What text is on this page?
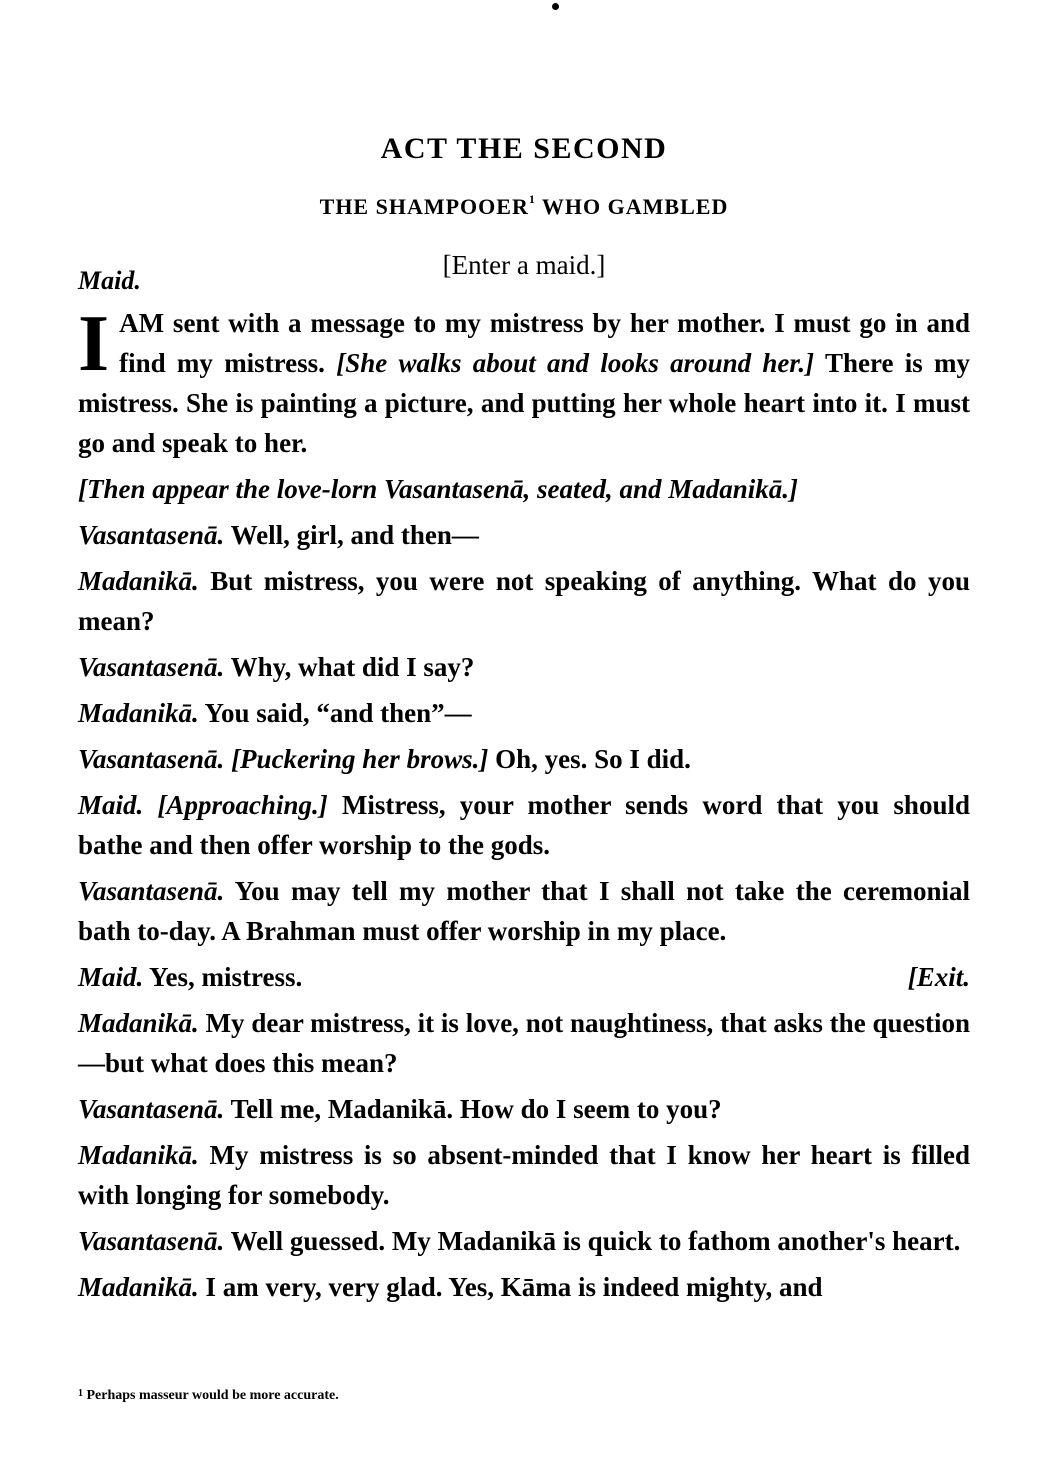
ACT THE SECOND
THE SHAMPOOER$^1$ WHO GAMBLED
[Enter a maid.]
Maid.

I AM sent with a message to my mistress by her mother. I must go in and find my mistress. [She walks about and looks around her.] There is my mistress. She is painting a picture, and putting her whole heart into it. I must go and speak to her.

[Then appear the love-lorn Vasantasenā, seated, and Madanikā.]

Vasantasenā. Well, girl, and then—

Madanikā. But mistress, you were not speaking of anything. What do you mean?

Vasantasenā. Why, what did I say?

Madanikā. You said, “and then”—

Vasantasenā. [Puckering her brows.] Oh, yes. So I did.

Maid. [Approaching.] Mistress, your mother sends word that you should bathe and then offer worship to the gods.

Vasantasenā. You may tell my mother that I shall not take the ceremonial bath to-day. A Brahman must offer worship in my place.

Maid. Yes, mistress.	[Exit.

Madanikā. My dear mistress, it is love, not naughtiness, that asks the question—but what does this mean?

Vasantasenā. Tell me, Madanikā. How do I seem to you?

Madanikā. My mistress is so absent-minded that I know her heart is filled with longing for somebody.

Vasantasenā. Well guessed. My Madanikā is quick to fathom another's heart.

Madanikā. I am very, very glad. Yes, Kāma is indeed mighty, and

$^1$ Perhaps masseur would be more accurate.
